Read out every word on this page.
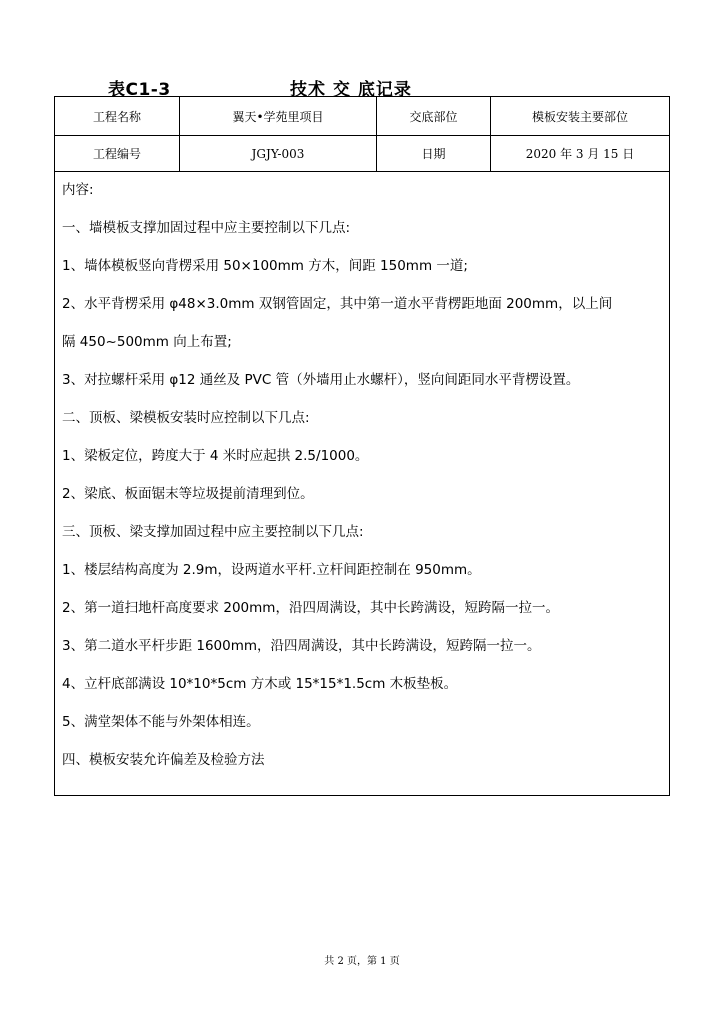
表C1-3	技术 交 底记录
工程名称	翼天•学苑里项目	交底部位	模板安装主要部位
工程编号	JGJY-003	日期	2020 年 3 月 15 日
内容:
一、墙模板支撑加固过程中应主要控制以下几点:
1、墙体模板竖向背楞采用 50×100mm 方木，间距 150mm 一道;
2、水平背楞采用 φ48×3.0mm 双钢管固定，其中第一道水平背楞距地面 200mm，以上间
隔 450~500mm 向上布置;
3、对拉螺杆采用 φ12 通丝及 PVC 管（外墙用止水螺杆），竖向间距同水平背楞设置。
二、顶板、梁模板安装时应控制以下几点:
1、梁板定位，跨度大于 4 米时应起拱 2.5/1000。
2、梁底、板面锯末等垃圾提前清理到位。
三、顶板、梁支撑加固过程中应主要控制以下几点:
1、楼层结构高度为 2.9m，设两道水平杆.立杆间距控制在 950mm。
2、第一道扫地杆高度要求 200mm，沿四周满设，其中长跨满设，短跨隔一拉一。
3、第二道水平杆步距 1600mm，沿四周满设，其中长跨满设，短跨隔一拉一。
4、立杆底部满设 10*10*5cm 方木或 15*15*1.5cm 木板垫板。
5、满堂架体不能与外架体相连。
四、模板安装允许偏差及检验方法
共 2 页，第 1 页
